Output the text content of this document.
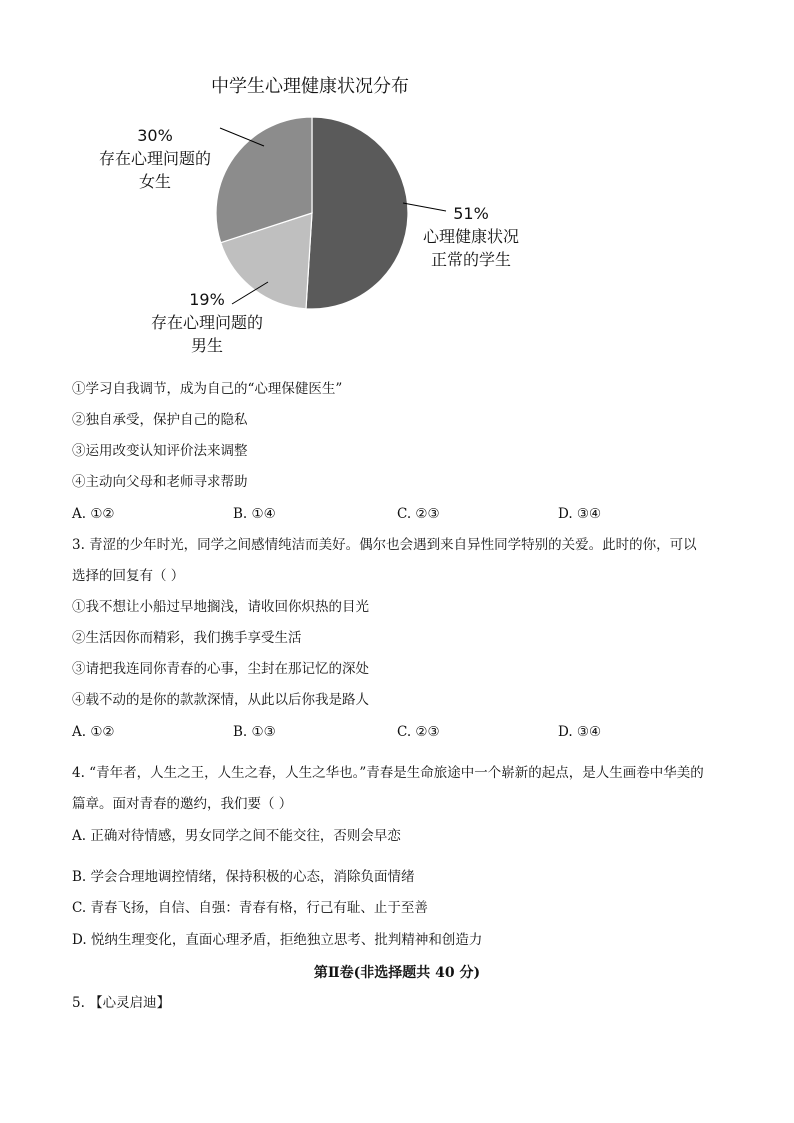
中学生心理健康状况分布
30%
存在心理问题的
女生
51%
心理健康状况
正常的学生
19%
存在心理问题的
男生
①学习自我调节，成为自己的“心理保健医生”
②独自承受，保护自己的隐私
③运用改变认知评价法来调整
④主动向父母和老师寻求帮助
A. ①②	B. ①④	C. ②③	D. ③④
3. 青涩的少年时光，同学之间感情纯洁而美好。偶尔也会遇到来自异性同学特别的关爱。此时的你，可以
选择的回复有（ ）
①我不想让小船过早地搁浅，请收回你炽热的目光
②生活因你而精彩，我们携手享受生活
③请把我连同你青春的心事，尘封在那记忆的深处
④载不动的是你的款款深情，从此以后你我是路人
A. ①②	B. ①③	C. ②③	D. ③④
4. “青年者，人生之王，人生之春，人生之华也。”青春是生命旅途中一个崭新的起点，是人生画卷中华美的
篇章。面对青春的邀约，我们要（ ）
A. 正确对待情感，男女同学之间不能交往，否则会早恋
B. 学会合理地调控情绪，保持积极的心态，消除负面情绪
C. 青春飞扬，自信、自强：青春有格，行己有耻、止于至善
D. 悦纳生理变化，直面心理矛盾，拒绝独立思考、批判精神和创造力
第Ⅱ卷(非选择题共 40 分)
5. 【心灵启迪】
